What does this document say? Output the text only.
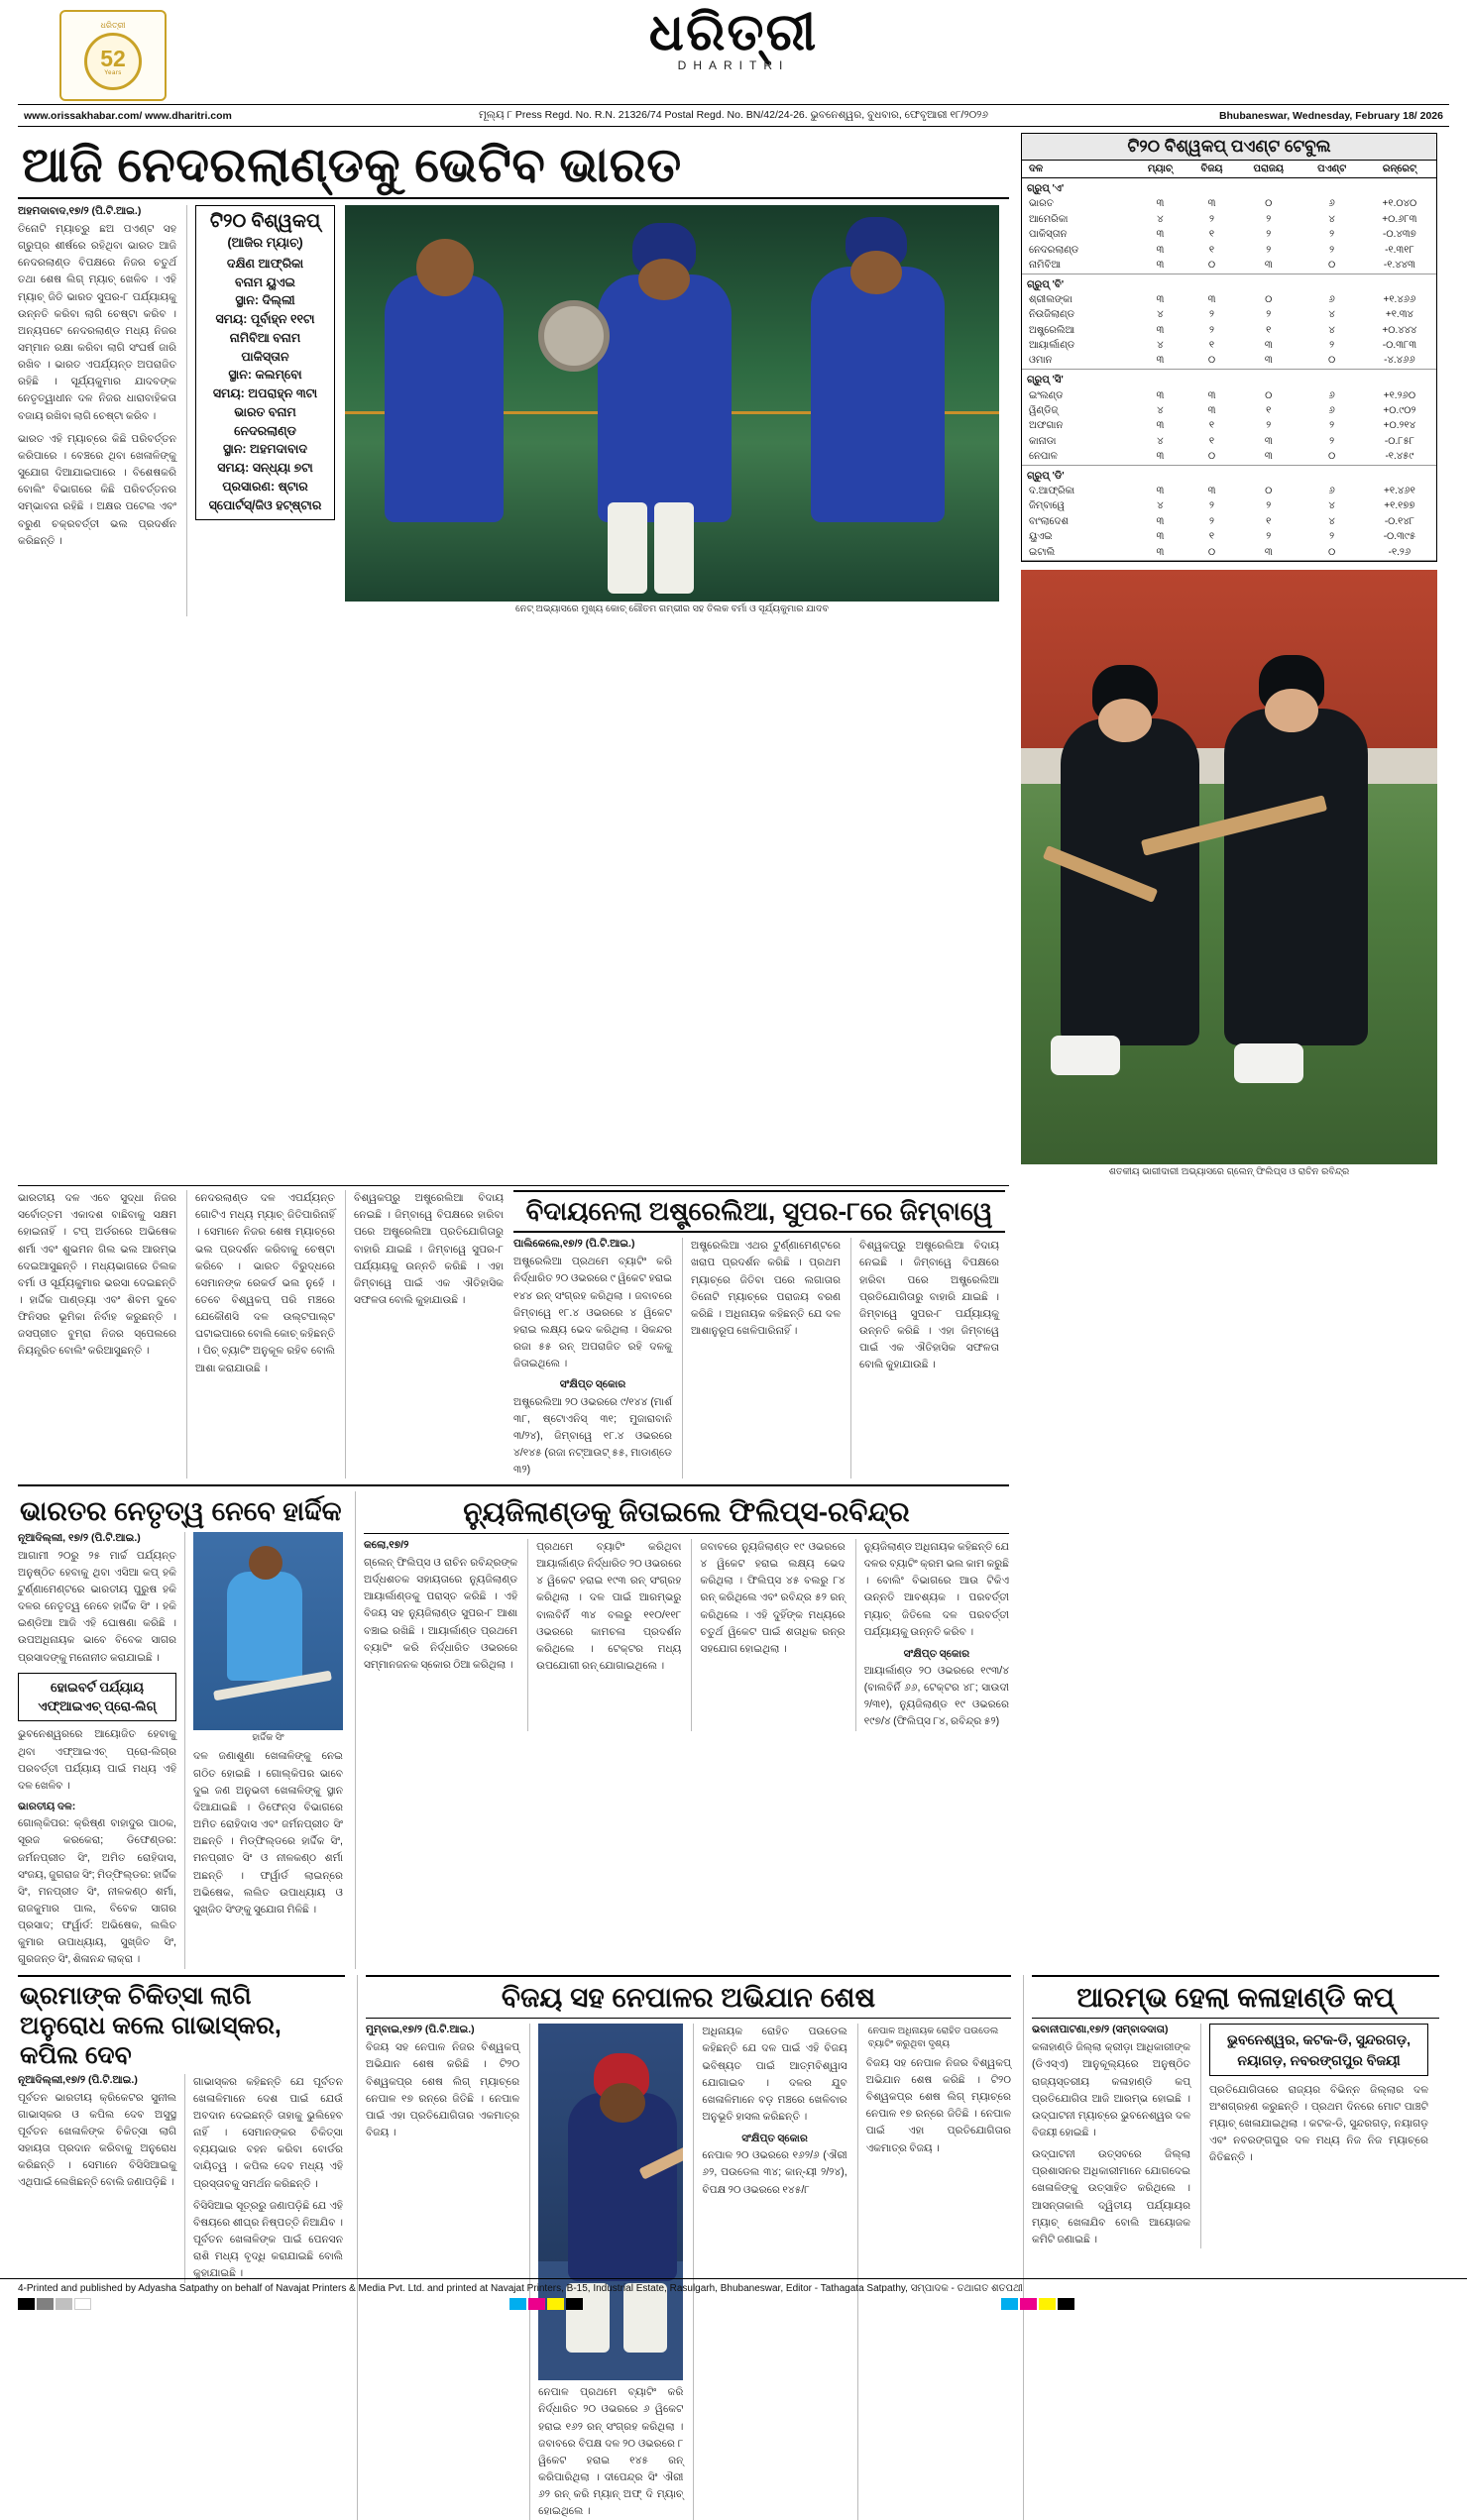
ଧରିତ୍ରୀ
52
Years
ଧରିତ୍ରୀ
DHARITRI
www.orissakhabar.com/ www.dharitri.com	ମୂଲ୍ୟ ୮ Press Regd. No. R.N. 21326/74 Postal Regd. No. BN/42/24-26. ଭୁବନେଶ୍ୱର, ବୁଧବାର, ଫେବୃଆରୀ ୧୮/୨୦୨୬	Bhubaneswar, Wednesday, February 18/ 2026
ଆଜି ନେଦରଲାଣ୍ଡକୁ ଭେଟିବ ଭାରତ
ଅହମଦାବାଦ,୧୭/୨ (ପି.ଟି.ଆଇ.)
ତିନୋଟି ମ୍ୟାଚ୍‌ରୁ ଛଅ ପଏଣ୍ଟ ସହ ଗ୍ରୁପ୍‌ର ଶୀର୍ଷରେ ରହିଥିବା ଭାରତ ଆଜି ନେଦରଲାଣ୍ଡ ବିପକ୍ଷରେ ନିଜର ଚତୁର୍ଥ ତଥା ଶେଷ ଲିଗ୍‌ ମ୍ୟାଚ୍‌ ଖେଳିବ । ଏହି ମ୍ୟାଚ୍‌ ଜିତି ଭାରତ ସୁପର-୮ ପର୍ଯ୍ୟାୟକୁ ଉନ୍ନତି କରିବା ଲାଗି ଚେଷ୍ଟା କରିବ । ଅନ୍ୟପଟେ ନେଦରଲାଣ୍ଡ ମଧ୍ୟ ନିଜର ସମ୍ମାନ ରକ୍ଷା କରିବା ଲାଗି ସଂଘର୍ଷ ଜାରି ରଖିବ । ଭାରତ ଏପର୍ଯ୍ୟନ୍ତ ଅପରାଜିତ ରହିଛି । ସୂର୍ଯ୍ୟକୁମାର ଯାଦବଙ୍କ ନେତୃତ୍ୱାଧୀନ ଦଳ ନିଜର ଧାରାବାହିକତା ବଜାୟ ରଖିବା ଲାଗି ଚେଷ୍ଟା କରିବ ।
ଭାରତ ଏହି ମ୍ୟାଚ୍‌ରେ କିଛି ପରିବର୍ତ୍ତନ କରିପାରେ । ବେଞ୍ଚରେ ଥିବା ଖେଳାଳିଙ୍କୁ ସୁଯୋଗ ଦିଆଯାଇପାରେ । ବିଶେଷକରି ବୋଲିଂ ବିଭାଗରେ କିଛି ପରିବର୍ତ୍ତନର ସମ୍ଭାବନା ରହିଛି । ଅକ୍ଷର ପଟେଲ ଏବଂ ବରୁଣ ଚକ୍ରବର୍ତ୍ତୀ ଭଲ ପ୍ରଦର୍ଶନ କରିଛନ୍ତି ।
ଟି୨୦ ବିଶ୍ୱକପ୍‌
(ଆଜିର ମ୍ୟାଚ୍‌)
ଦକ୍ଷିଣ ଆଫ୍ରିକା
ବନାମ ୟୁଏଇ
ସ୍ଥାନ: ଦିଲ୍ଲୀ
ସମୟ: ପୂର୍ବାହ୍ନ ୧୧ଟା
ନାମିବିଆ ବନାମ
ପାକିସ୍ତାନ
ସ୍ଥାନ: କଲମ୍ବୋ
ସମୟ: ଅପରାହ୍ନ ୩ଟା
ଭାରତ ବନାମ
ନେଦରଲାଣ୍ଡ
ସ୍ଥାନ: ଅହମଦାବାଦ
ସମୟ: ସନ୍ଧ୍ୟା ୭ଟା
ପ୍ରସାରଣ: ଷ୍ଟାର
ସ୍ପୋର୍ଟସ୍‌/ଜିଓ ହଟ୍‌ଷ୍ଟାର
ନେଟ୍‌ ଅଭ୍ୟାସରେ ମୁଖ୍ୟ କୋଚ୍‌ ଗୌତମ ଗମ୍ଭୀର ସହ ତିଲକ ବର୍ମା ଓ ସୂର୍ଯ୍ୟକୁମାର ଯାଦବ
ଟି୨୦ ବିଶ୍ୱକପ୍‌ ପଏଣ୍ଟ ଟେବୁଲ
ଦଳ	ମ୍ୟାଚ୍‌	ବିଜୟ	ପରାଜୟ	ପଏଣ୍ଟ	ରନ୍‌ରେଟ୍‌
ଗ୍ରୁପ୍‌ 'ଏ'					
ଭାରତ	୩	୩	୦	୬	+୧.୦୪୦
ଆମେରିକା	୪	୨	୨	୪	+୦.୬୮୩
ପାକିସ୍ତାନ	୩	୧	୨	୨	-୦.୪୩୭
ନେଦରଲାଣ୍ଡ	୩	୧	୨	୨	-୧.୩୧୮
ନାମିବିଆ	୩	୦	୩	୦	-୧.୪୪୩

ଗ୍ରୁପ୍‌ 'ବି'					
ଶ୍ରୀଲଙ୍କା	୩	୩	୦	୬	+୧.୪୬୬
ନିଉଜିଲାଣ୍ଡ	୪	୨	୨	୪	+୧.୩୪
ଅଷ୍ଟ୍ରେଲିଆ	୩	୨	୧	୪	+୦.୪୪୪
ଆୟାର୍ଲାଣ୍ଡ	୪	୧	୩	୨	-୦.୩୮୩
ଓମାନ	୩	୦	୩	୦	-୪.୪୬୬

ଗ୍ରୁପ୍‌ 'ସି'					
ଇଂଲଣ୍ଡ	୩	୩	୦	୬	+୧.୨୬୦
ୱିଣ୍ଡିଜ୍‌	୪	୩	୧	୬	+୦.୯୦୨
ଅଫଗାନ	୩	୧	୨	୨	+୦.୨୧୪
କାନାଡା	୪	୧	୩	୨	-୦.୮୫୮
ନେପାଳ	୩	୦	୩	୦	-୧.୪୫୯

ଗ୍ରୁପ୍‌ 'ଡି'					
ଦ.ଆଫ୍ରିକା	୩	୩	୦	୬	+୧.୪୬୧
ଜିମ୍ବାୱେ	୪	୨	୨	୪	+୧.୧୭୭
ବାଂଲାଦେଶ	୩	୨	୧	୪	-୦.୧୪୮
ୟୁଏଇ	୩	୧	୨	୨	-୦.୩୯୫
ଇଟାଲି	୩	୦	୩	୦	-୧.୨୬

ଶତକୀୟ ଭାଗୀଦାରୀ ଅଭ୍ୟାସରେ ଗ୍ଲେନ୍‌ ଫିଲିପ୍ସ ଓ ରାଚିନ ରବିନ୍ଦ୍ର
ଭାରତୀୟ ଦଳ ଏବେ ସୁଦ୍ଧା ନିଜର ସର୍ବୋତ୍ତମ ଏକାଦଶ ବାଛିବାକୁ ସକ୍ଷମ ହୋଇନାହିଁ । ଟପ୍‌ ଅର୍ଡରରେ ଅଭିଷେକ ଶର୍ମା ଏବଂ ଶୁଭମନ ଗିଲ ଭଲ ଆରମ୍ଭ ଦେଇଆସୁଛନ୍ତି । ମଧ୍ୟଭାଗରେ ତିଲକ ବର୍ମା ଓ ସୂର୍ଯ୍ୟକୁମାର ଭରସା ଦେଇଛନ୍ତି । ହାର୍ଦ୍ଦିକ ପାଣ୍ଡ୍ୟା ଏବଂ ଶିବମ ଦୁବେ ଫିନିସର ଭୂମିକା ନିର୍ବାହ କରୁଛନ୍ତି । ଜସପ୍ରୀତ ବୁମ୍ରା ନିଜର ସ୍ପେଲରେ ନିୟନ୍ତ୍ରିତ ବୋଲିଂ କରିଆସୁଛନ୍ତି ।
ନେଦରଲାଣ୍ଡ ଦଳ ଏପର୍ଯ୍ୟନ୍ତ ଗୋଟିଏ ମଧ୍ୟ ମ୍ୟାଚ୍‌ ଜିତିପାରିନାହିଁ । ସେମାନେ ନିଜର ଶେଷ ମ୍ୟାଚ୍‌ରେ ଭଲ ପ୍ରଦର୍ଶନ କରିବାକୁ ଚେଷ୍ଟା କରିବେ । ଭାରତ ବିରୁଦ୍ଧରେ ସେମାନଙ୍କ ରେକର୍ଡ ଭଲ ନୁହେଁ । ତେବେ ବିଶ୍ୱକପ୍‌ ପରି ମଞ୍ଚରେ ଯେକୌଣସି ଦଳ ଉଲ୍‌ଟପାଲ୍‌ଟ ଘଟାଇପାରେ ବୋଲି କୋଚ୍‌ କହିଛନ୍ତି । ପିଚ୍‌ ବ୍ୟାଟିଂ ଅନୁକୂଳ ରହିବ ବୋଲି ଆଶା କରାଯାଉଛି ।
ବିଶ୍ୱକପ୍‌ରୁ ଅଷ୍ଟ୍ରେଲିଆ ବିଦାୟ ନେଇଛି । ଜିମ୍ବାୱେ ବିପକ୍ଷରେ ହାରିବା ପରେ ଅଷ୍ଟ୍ରେଲିଆ ପ୍ରତିଯୋଗିତାରୁ ବାହାରି ଯାଇଛି । ଜିମ୍ବାୱେ ସୁପର-୮ ପର୍ଯ୍ୟାୟକୁ ଉନ୍ନତି କରିଛି । ଏହା ଜିମ୍ବାୱେ ପାଇଁ ଏକ ଐତିହାସିକ ସଫଳତା ବୋଲି କୁହାଯାଉଛି ।
ବିଦାୟନେଲା ଅଷ୍ଟ୍ରେଲିଆ, ସୁପର-୮ରେ ଜିମ୍ବାୱେ
ପାଲିକେଲେ,୧୭/୨ (ପି.ଟି.ଆଇ.)
ଅଷ୍ଟ୍ରେଲିଆ ପ୍ରଥମେ ବ୍ୟାଟିଂ କରି ନିର୍ଦ୍ଧାରିତ ୨୦ ଓଭରରେ ୯ ୱିକେଟ ହରାଇ ୧୪୪ ରନ୍‌ ସଂଗ୍ରହ କରିଥିଲା । ଜବାବରେ ଜିମ୍ବାୱେ ୧୮.୪ ଓଭରରେ ୪ ୱିକେଟ ହରାଇ ଲକ୍ଷ୍ୟ ଭେଦ କରିଥିଲା । ସିକନ୍ଦର ରଜା ୫୫ ରନ୍‌ ଅପରାଜିତ ରହି ଦଳକୁ ଜିତାଇଥିଲେ ।
ସଂକ୍ଷିପ୍ତ ସ୍କୋର
ଅଷ୍ଟ୍ରେଲିଆ ୨୦ ଓଭରରେ ୯/୧୪୪ (ମାର୍ଶ ୩୮, ଷ୍ଟୋଏନିସ୍‌ ୩୧; ମୁଜାରାବାନି ୩/୨୪), ଜିମ୍ବାୱେ ୧୮.୪ ଓଭରରେ ୪/୧୪୫ (ରଜା ନଟ୍‌ଆଉଟ୍‌ ୫୫, ମାଡାଣ୍ଡେ ୩୨)
ଅଷ୍ଟ୍ରେଲିଆ ଏଥର ଟୁର୍ଣ୍ଣାମେଣ୍ଟରେ ଖରାପ ପ୍ରଦର୍ଶନ କରିଛି । ପ୍ରଥମ ମ୍ୟାଚ୍‌ରେ ଜିତିବା ପରେ ଲଗାତାର ତିନୋଟି ମ୍ୟାଚ୍‌ରେ ପରାଜୟ ବରଣ କରିଛି । ଅଧିନାୟକ କହିଛନ୍ତି ଯେ ଦଳ ଆଶାନୁରୂପ ଖେଳିପାରିନାହିଁ ।
ବିଶ୍ୱକପ୍‌ରୁ ଅଷ୍ଟ୍ରେଲିଆ ବିଦାୟ ନେଇଛି । ଜିମ୍ବାୱେ ବିପକ୍ଷରେ ହାରିବା ପରେ ଅଷ୍ଟ୍ରେଲିଆ ପ୍ରତିଯୋଗିତାରୁ ବାହାରି ଯାଇଛି । ଜିମ୍ବାୱେ ସୁପର-୮ ପର୍ଯ୍ୟାୟକୁ ଉନ୍ନତି କରିଛି । ଏହା ଜିମ୍ବାୱେ ପାଇଁ ଏକ ଐତିହାସିକ ସଫଳତା ବୋଲି କୁହାଯାଉଛି ।
ଭାରତର ନେତୃତ୍ୱ ନେବେ ହାର୍ଦ୍ଦିକ
ନୂଆଦିଲ୍ଲୀ, ୧୭/୨ (ପି.ଟି.ଆଇ.)
ଆଗାମୀ ୨୦ରୁ ୨୫ ମାର୍ଚ୍ଚ ପର୍ଯ୍ୟନ୍ତ ଅନୁଷ୍ଠିତ ହେବାକୁ ଥିବା ଏସିଆ କପ୍‌ ହକି ଟୁର୍ଣ୍ଣାମେଣ୍ଟରେ ଭାରତୀୟ ପୁରୁଷ ହକି ଦଳର ନେତୃତ୍ୱ ନେବେ ହାର୍ଦ୍ଦିକ ସିଂ । ହକି ଇଣ୍ଡିଆ ଆଜି ଏହି ଘୋଷଣା କରିଛି । ଉପଅଧିନାୟକ ଭାବେ ବିବେକ ସାଗର ପ୍ରସାଦଙ୍କୁ ମନୋନୀତ କରାଯାଇଛି ।
ହୋଇବର୍ଟ ପର୍ଯ୍ୟାୟ ଏଫ୍‌ଆଇଏଚ୍‌ ପ୍ରୋ-ଲିଗ୍‌
ଭୁବନେଶ୍ୱରରେ ଆୟୋଜିତ ହେବାକୁ ଥିବା ଏଫ୍‌ଆଇଏଚ୍‌ ପ୍ରୋ-ଲିଗ୍‌ର ପରବର୍ତ୍ତୀ ପର୍ଯ୍ୟାୟ ପାଇଁ ମଧ୍ୟ ଏହି ଦଳ ଖେଳିବ ।
ଭାରତୀୟ ଦଳ:
ଗୋଲ୍‌କିପର: କ୍ରିଷ୍ଣ ବାହାଦୁର ପାଠକ, ସୂରଜ କରକେରା; ଡିଫେଣ୍ଡର: ଜର୍ମନପ୍ରୀତ ସିଂ, ଅମିତ ରୋହିଦାସ, ସଂଜୟ, ଜୁଗରାଜ ସିଂ; ମିଡ୍‌ଫିଲ୍ଡର: ହାର୍ଦ୍ଦିକ ସିଂ, ମନପ୍ରୀତ ସିଂ, ନୀଳକଣ୍ଠ ଶର୍ମା, ରାଜକୁମାର ପାଲ, ବିବେକ ସାଗର ପ୍ରସାଦ; ଫର୍ୱାର୍ଡ: ଅଭିଷେକ, ଲଲିତ କୁମାର ଉପାଧ୍ୟାୟ, ସୁଖ୍‌ଜିତ ସିଂ, ଗୁରଜନ୍ତ ସିଂ, ଶିଳାନନ୍ଦ ଲାକ୍ରା ।
ହାର୍ଦ୍ଦିକ ସିଂ
ଦଳ ଜଣାଶୁଣା ଖେଳାଳିଙ୍କୁ ନେଇ ଗଠିତ ହୋଇଛି । ଗୋଲ୍‌କିପର ଭାବେ ଦୁଇ ଜଣ ଅନୁଭବୀ ଖେଳାଳିଙ୍କୁ ସ୍ଥାନ ଦିଆଯାଇଛି । ଡିଫେନ୍ସ ବିଭାଗରେ ଅମିତ ରୋହିଦାସ ଏବଂ ଜର୍ମନପ୍ରୀତ ସିଂ ଅଛନ୍ତି । ମିଡ୍‌ଫିଲ୍ଡରେ ହାର୍ଦ୍ଦିକ ସିଂ, ମନପ୍ରୀତ ସିଂ ଓ ନୀଳକଣ୍ଠ ଶର୍ମା ଅଛନ୍ତି । ଫର୍ୱାର୍ଡ ଲାଇନ୍‌ରେ ଅଭିଷେକ, ଲଲିତ ଉପାଧ୍ୟାୟ ଓ ସୁଖ୍‌ଜିତ ସିଂଙ୍କୁ ସୁଯୋଗ ମିଳିଛି ।
ନ୍ୟୁଜିଲାଣ୍ଡକୁ ଜିତାଇଲେ ଫିଲିପ୍ସ-ରବିନ୍ଦ୍ର
କଲୋ,୧୭/୨
ଗ୍ଲେନ୍‌ ଫିଲିପ୍ସ ଓ ରାଚିନ ରବିନ୍ଦ୍ରଙ୍କ ଅର୍ଦ୍ଧଶତକ ସହାୟତାରେ ନ୍ୟୁଜିଲାଣ୍ଡ ଆୟାର୍ଲାଣ୍ଡକୁ ପରାସ୍ତ କରିଛି । ଏହି ବିଜୟ ସହ ନ୍ୟୁଜିଲାଣ୍ଡ ସୁପର-୮ ଆଶା ବଞ୍ଚାଇ ରଖିଛି । ଆୟାର୍ଲାଣ୍ଡ ପ୍ରଥମେ ବ୍ୟାଟିଂ କରି ନିର୍ଦ୍ଧାରିତ ଓଭରରେ ସମ୍ମାନଜନକ ସ୍କୋର ଠିଆ କରିଥିଲା ।
ପ୍ରଥମେ ବ୍ୟାଟିଂ କରିଥିବା ଆୟାର୍ଲାଣ୍ଡ ନିର୍ଦ୍ଧାରିତ ୨୦ ଓଭରରେ ୪ ୱିକେଟ ହରାଇ ୧୯୩ ରନ୍‌ ସଂଗ୍ରହ କରିଥିଲା । ଦଳ ପାଇଁ ଆରମ୍ଭରୁ ବାଲବିର୍ନି ୩୪ ବଲରୁ ୧୧୦/୧୧୮ ଓଭରରେ କାମଚଳା ପ୍ରଦର୍ଶନ କରିଥିଲେ । ଟେକ୍ଟର ମଧ୍ୟ ଉପଯୋଗୀ ରନ୍‌ ଯୋଗାଇଥିଲେ ।
ଜବାବରେ ନ୍ୟୁଜିଲାଣ୍ଡ ୧୯ ଓଭରରେ ୪ ୱିକେଟ ହରାଇ ଲକ୍ଷ୍ୟ ଭେଦ କରିଥିଲା । ଫିଲିପ୍ସ ୪୫ ବଲରୁ ୮୪ ରନ୍‌ କରିଥିଲେ ଏବଂ ରବିନ୍ଦ୍ର ୫୨ ରନ୍‌ କରିଥିଲେ । ଏହି ଦୁହିଁଙ୍କ ମଧ୍ୟରେ ଚତୁର୍ଥ ୱିକେଟ ପାଇଁ ଶତାଧିକ ରନ୍‌ର ସହଯୋଗ ହୋଇଥିଲା ।
ନ୍ୟୁଜିଲାଣ୍ଡ ଅଧିନାୟକ କହିଛନ୍ତି ଯେ ଦଳର ବ୍ୟାଟିଂ କ୍ରମ ଭଲ କାମ କରୁଛି । ବୋଲିଂ ବିଭାଗରେ ଆଉ ଟିକିଏ ଉନ୍ନତି ଆବଶ୍ୟକ । ପରବର୍ତ୍ତୀ ମ୍ୟାଚ୍‌ ଜିତିଲେ ଦଳ ପରବର୍ତ୍ତୀ ପର୍ଯ୍ୟାୟକୁ ଉନ୍ନତି କରିବ ।
ସଂକ୍ଷିପ୍ତ ସ୍କୋର
ଆୟାର୍ଲାଣ୍ଡ ୨୦ ଓଭରରେ ୧୯୩/୪ (ବାଲବିର୍ନି ୬୬, ଟେକ୍ଟର ୪୮; ସାଉଦୀ ୨/୩୧), ନ୍ୟୁଜିଲାଣ୍ଡ ୧୯ ଓଭରରେ ୧୯୭/୪ (ଫିଲିପ୍ସ ୮୪, ରବିନ୍ଦ୍ର ୫୨)
ଭ୍ରମାଙ୍କ ଚିକିତ୍ସା ଲାଗି ଅନୁରୋଧ କଲେ ଗାଭାସ୍କର, କପିଲ ଦେବ
ନୂଆଦିଲ୍ଲୀ,୧୭/୨ (ପି.ଟି.ଆଇ.)
ପୂର୍ବତନ ଭାରତୀୟ କ୍ରିକେଟର ସୁନୀଲ ଗାଭାସ୍କର ଓ କପିଲ ଦେବ ଅସୁସ୍ଥ ପୂର୍ବତନ ଖେଳାଳିଙ୍କ ଚିକିତ୍ସା ଲାଗି ସହାୟତା ପ୍ରଦାନ କରିବାକୁ ଅନୁରୋଧ କରିଛନ୍ତି । ସେମାନେ ବିସିସିଆଇକୁ ଏଥିପାଇଁ ଲେଖିଛନ୍ତି ବୋଲି ଜଣାପଡ଼ିଛି ।
ଗାଭାସ୍କର କହିଛନ୍ତି ଯେ ପୂର୍ବତନ ଖେଳାଳିମାନେ ଦେଶ ପାଇଁ ଯେଉଁ ଅବଦାନ ଦେଇଛନ୍ତି ତାହାକୁ ଭୁଲିହେବ ନାହିଁ । ସେମାନଙ୍କର ଚିକିତ୍ସା ବ୍ୟୟଭାର ବହନ କରିବା ବୋର୍ଡର ଦାୟିତ୍ୱ । କପିଲ ଦେବ ମଧ୍ୟ ଏହି ପ୍ରସ୍ତାବକୁ ସମର୍ଥନ କରିଛନ୍ତି ।
ବିସିସିଆଇ ସୂତ୍ରରୁ ଜଣାପଡ଼ିଛି ଯେ ଏହି ବିଷୟରେ ଶୀଘ୍ର ନିଷ୍ପତ୍ତି ନିଆଯିବ । ପୂର୍ବତନ ଖେଳାଳିଙ୍କ ପାଇଁ ପେନସନ ରାଶି ମଧ୍ୟ ବୃଦ୍ଧି କରାଯାଇଛି ବୋଲି କୁହାଯାଇଛି ।
ବିଜୟ ସହ ନେପାଳର ଅଭିଯାନ ଶେଷ
ମୁମ୍ବାଇ,୧୭/୨ (ପି.ଟି.ଆଇ.)
ବିଜୟ ସହ ନେପାଳ ନିଜର ବିଶ୍ୱକପ୍‌ ଅଭିଯାନ ଶେଷ କରିଛି । ଟି୨୦ ବିଶ୍ୱକପ୍‌ର ଶେଷ ଲିଗ୍‌ ମ୍ୟାଚ୍‌ରେ ନେପାଳ ୧୭ ରନ୍‌ରେ ଜିତିଛି । ନେପାଳ ପାଇଁ ଏହା ପ୍ରତିଯୋଗିତାର ଏକମାତ୍ର ବିଜୟ ।
ନେପାଳ ପ୍ରଥମେ ବ୍ୟାଟିଂ କରି ନିର୍ଦ୍ଧାରିତ ୨୦ ଓଭରରେ ୬ ୱିକେଟ ହରାଇ ୧୬୨ ରନ୍‌ ସଂଗ୍ରହ କରିଥିଲା । ଜବାବରେ ବିପକ୍ଷ ଦଳ ୨୦ ଓଭରରେ ୮ ୱିକେଟ ହରାଇ ୧୪୫ ରନ୍‌ କରିପାରିଥିଲା । ଦୀପେନ୍ଦ୍ର ସିଂ ଐରୀ ୬୨ ରନ୍‌ କରି ମ୍ୟାନ୍‌ ଅଫ୍‌ ଦି ମ୍ୟାଚ୍‌ ହୋଇଥିଲେ ।
ଅଧିନାୟକ ରୋହିତ ପଉଡେଲ କହିଛନ୍ତି ଯେ ଦଳ ପାଇଁ ଏହି ବିଜୟ ଭବିଷ୍ୟତ ପାଇଁ ଆତ୍ମବିଶ୍ୱାସ ଯୋଗାଇବ । ଦଳର ଯୁବ ଖେଳାଳିମାନେ ବଡ଼ ମଞ୍ଚରେ ଖେଳିବାର ଅନୁଭୂତି ହାସଲ କରିଛନ୍ତି ।
ସଂକ୍ଷିପ୍ତ ସ୍କୋର
ନେପାଳ ୨୦ ଓଭରରେ ୧୬୨/୬ (ଐରୀ ୬୨, ପଉଡେଲ ୩୪; କାନ୍‌-ୟୀ ୨/୨୪), ବିପକ୍ଷ ୨୦ ଓଭରରେ ୧୪୫/୮
ନେପାଳ ଅଧିନାୟକ ରୋହିତ ପଉଡେଲ ବ୍ୟାଟିଂ କରୁଥିବା ଦୃଶ୍ୟ
ବିଜୟ ସହ ନେପାଳ ନିଜର ବିଶ୍ୱକପ୍‌ ଅଭିଯାନ ଶେଷ କରିଛି । ଟି୨୦ ବିଶ୍ୱକପ୍‌ର ଶେଷ ଲିଗ୍‌ ମ୍ୟାଚ୍‌ରେ ନେପାଳ ୧୭ ରନ୍‌ରେ ଜିତିଛି । ନେପାଳ ପାଇଁ ଏହା ପ୍ରତିଯୋଗିତାର ଏକମାତ୍ର ବିଜୟ ।
ଆରମ୍ଭ ହେଲା କଳାହାଣ୍ଡି କପ୍‌
ଭବାନୀପାଟଣା,୧୭/୨ (ସମ୍ବାଦଦାତା)
କଳାହାଣ୍ଡି ଜିଲ୍ଲା କ୍ରୀଡ଼ା ଆଧିକାରୀଙ୍କ (ଡିଏସ୍‌ଏ) ଆନୁକୂଲ୍ୟରେ ଅନୁଷ୍ଠିତ ରାଜ୍ୟସ୍ତରୀୟ କଳାହାଣ୍ଡି କପ୍‌ ପ୍ରତିଯୋଗିତା ଆଜି ଆରମ୍ଭ ହୋଇଛି । ଉଦ୍‌ଘାଟନୀ ମ୍ୟାଚ୍‌ରେ ଭୁବନେଶ୍ୱର ଦଳ ବିଜୟୀ ହୋଇଛି ।
ଉଦ୍‌ଘାଟନୀ ଉତ୍ସବରେ ଜିଲ୍ଲା ପ୍ରଶାସନର ଅଧିକାରୀମାନେ ଯୋଗଦେଇ ଖେଳାଳିଙ୍କୁ ଉତ୍ସାହିତ କରିଥିଲେ । ଆସନ୍ତାକାଲି ଦ୍ୱିତୀୟ ପର୍ଯ୍ୟାୟର ମ୍ୟାଚ୍‌ ଖେଳାଯିବ ବୋଲି ଆୟୋଜକ କମିଟି ଜଣାଇଛି ।
ଭୁବନେଶ୍ୱର, କଟକ-ଡି, ସୁନ୍ଦରଗଡ଼, ନୟାଗଡ଼, ନବରଙ୍ଗପୁର ବିଜୟୀ
ପ୍ରତିଯୋଗିତାରେ ରାଜ୍ୟର ବିଭିନ୍ନ ଜିଲ୍ଲାର ଦଳ ଅଂଶଗ୍ରହଣ କରୁଛନ୍ତି । ପ୍ରଥମ ଦିନରେ ମୋଟ ପାଞ୍ଚଟି ମ୍ୟାଚ୍‌ ଖେଳାଯାଇଥିଲା । କଟକ-ଡି, ସୁନ୍ଦରଗଡ଼, ନୟାଗଡ଼ ଏବଂ ନବରଙ୍ଗପୁର ଦଳ ମଧ୍ୟ ନିଜ ନିଜ ମ୍ୟାଚ୍‌ରେ ଜିତିଛନ୍ତି ।
4-Printed and published by Adyasha Satpathy on behalf of Navajat Printers & Media Pvt. Ltd. and printed at Navajat Printers, B-15, Industrial Estate, Rasulgarh, Bhubaneswar, Editor - Tathagata Satpathy, ସମ୍ପାଦକ - ତଥାଗତ ଶତପଥୀ
